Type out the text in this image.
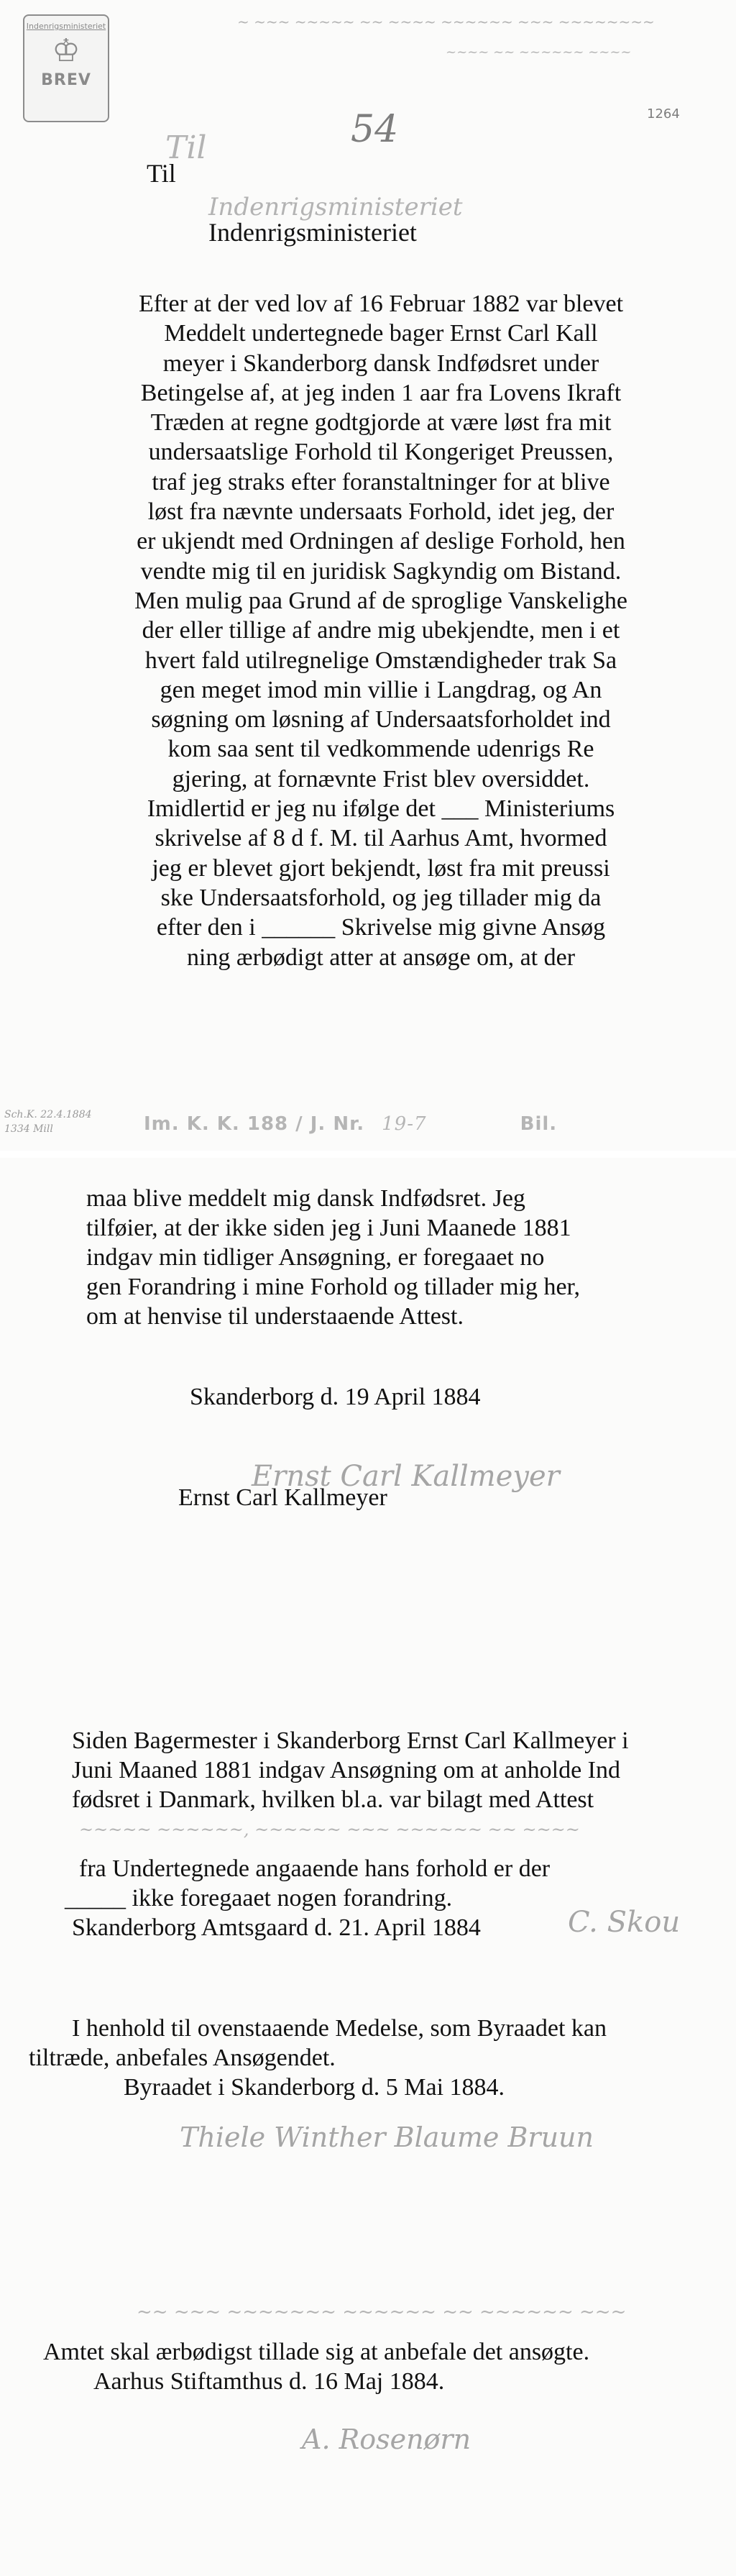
Indenrigsministeriet
♔
BREV
~ ~~~ ~~~~~ ~~ ~~~~ ~~~~~~ ~~~ ~~~~~~~~
~~~~ ~~ ~~~~~~ ~~~~
54	1264
Til
Til
Indenrigsministeriet
Indenrigsministeriet
Efter at der ved lov af 16 Februar 1882 var blevet
Meddelt undertegnede bager Ernst Carl Kall
meyer i Skanderborg dansk Indfødsret under
Betingelse af, at jeg inden 1 aar fra Lovens Ikraft
Træden at regne godtgjorde at være løst fra mit
undersaatslige Forhold til Kongeriget Preussen,
traf jeg straks efter foranstaltninger for at blive
løst fra nævnte undersaats Forhold, idet jeg, der
er ukjendt med Ordningen af deslige Forhold, hen
vendte mig til en juridisk Sagkyndig om Bistand.
Men mulig paa Grund af de sproglige Vanskelighe
der eller tillige af andre mig ubekjendte, men i et
hvert fald utilregnelige Omstændigheder trak Sa
gen meget imod min villie i Langdrag, og An
søgning om løsning af Undersaatsforholdet ind
kom saa sent til vedkommende udenrigs Re
gjering, at fornævnte Frist blev oversiddet.
Imidlertid er jeg nu ifølge det ___ Ministeriums
skrivelse af 8 d f. M. til Aarhus Amt, hvormed
jeg er blevet gjort bekjendt, løst fra mit preussi
ske Undersaatsforhold, og jeg tillader mig da
efter den i ______ Skrivelse mig givne Ansøg
ning ærbødigt atter at ansøge om, at der
Sch.K. 22.4.1884
1334 Mill	Im. K. K. 188 / J. Nr. 19-7	Bil.
maa blive meddelt mig dansk Indfødsret. Jeg
tilføier, at der ikke siden jeg i Juni Maanede 1881
indgav min tidliger Ansøgning, er foregaaet no
gen Forandring i mine Forhold og tillader mig her,
om at henvise til understaaende Attest.
Skanderborg d. 19 April 1884
Ernst Carl Kallmeyer
Ernst Carl Kallmeyer
Siden Bagermester i Skanderborg Ernst Carl Kallmeyer i
Juni Maaned 1881 indgav Ansøgning om at anholde Ind
fødsret i Danmark, hvilken bl.a. var bilagt med Attest
~~~~~ ~~~~~~, ~~~~~~ ~~~ ~~~~~~ ~~ ~~~~
fra Undertegnede angaaende hans forhold er der
_____ ikke foregaaet nogen forandring.
Skanderborg Amtsgaard d. 21. April 1884	C. Skou
I henhold til ovenstaaende Medelse, som Byraadet kan
tiltræde, anbefales Ansøgendet.
Byraadet i Skanderborg d. 5 Mai 1884.
Thiele Winther Blaume Bruun
~~ ~~~ ~~~~~~~ ~~~~~~ ~~ ~~~~~~ ~~~
Amtet skal ærbødigst tillade sig at anbefale det ansøgte.
Aarhus Stiftamthus d. 16 Maj 1884.
A. Rosenørn
